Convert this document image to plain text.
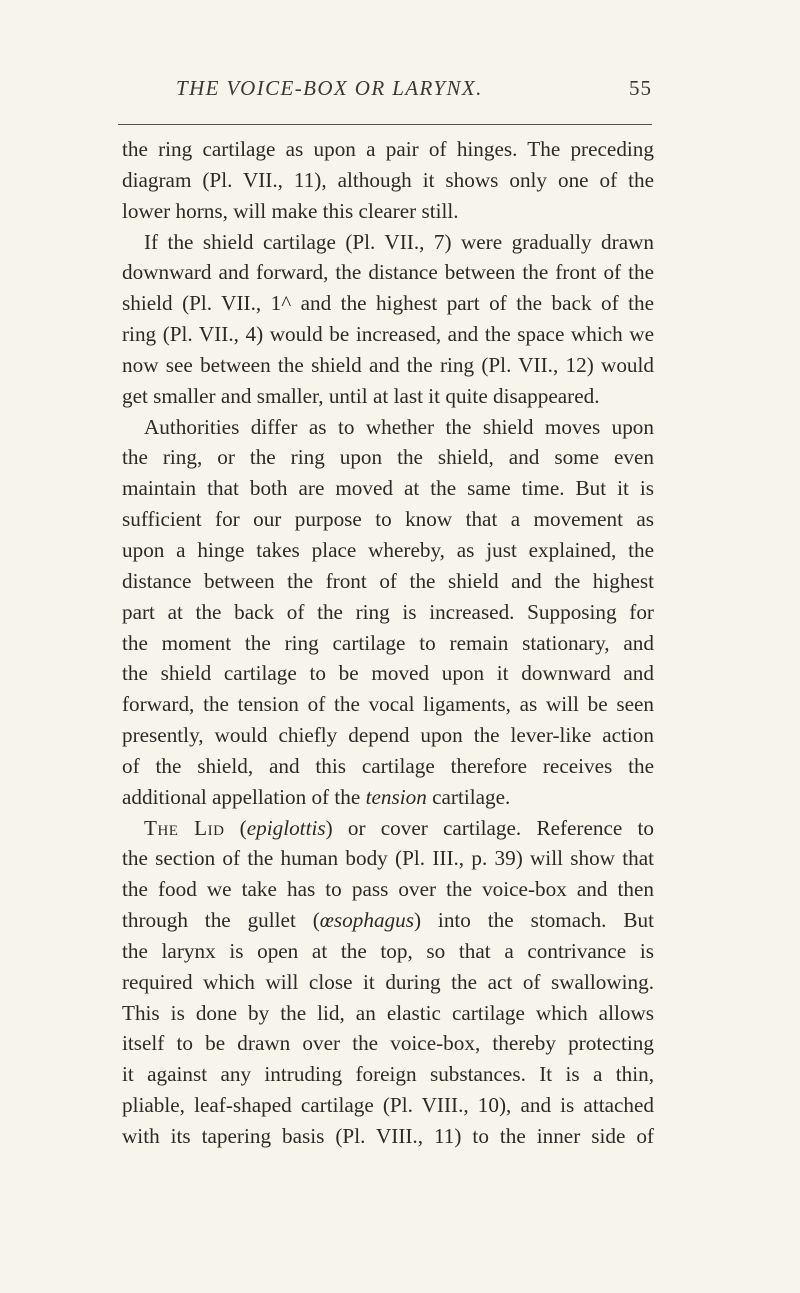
THE VOICE-BOX OR LARYNX.	55
the ring cartilage as upon a pair of hinges. The preceding
diagram (Pl. VII., 11), although it shows only one of the
lower horns, will make this clearer still.
If the shield cartilage (Pl. VII., 7) were gradually drawn
downward and forward, the distance between the front of the
shield (Pl. VII., 1^ and the highest part of the back of the
ring (Pl. VII., 4) would be increased, and the space which we
now see between the shield and the ring (Pl. VII., 12) would
get smaller and smaller, until at last it quite disappeared.
Authorities differ as to whether the shield moves upon
the ring, or the ring upon the shield, and some even
maintain that both are moved at the same time. But it is
sufficient for our purpose to know that a movement as
upon a hinge takes place whereby, as just explained, the
distance between the front of the shield and the highest
part at the back of the ring is increased. Supposing for
the moment the ring cartilage to remain stationary, and
the shield cartilage to be moved upon it downward and
forward, the tension of the vocal ligaments, as will be seen
presently, would chiefly depend upon the lever-like action
of the shield, and this cartilage therefore receives the
additional appellation of the tension cartilage.
The Lid (epiglottis) or cover cartilage. Reference to
the section of the human body (Pl. III., p. 39) will show that
the food we take has to pass over the voice-box and then
through the gullet (œsophagus) into the stomach. But
the larynx is open at the top, so that a contrivance is
required which will close it during the act of swallowing.
This is done by the lid, an elastic cartilage which allows
itself to be drawn over the voice-box, thereby protecting
it against any intruding foreign substances. It is a thin,
pliable, leaf-shaped cartilage (Pl. VIII., 10), and is attached
with its tapering basis (Pl. VIII., 11) to the inner side of
